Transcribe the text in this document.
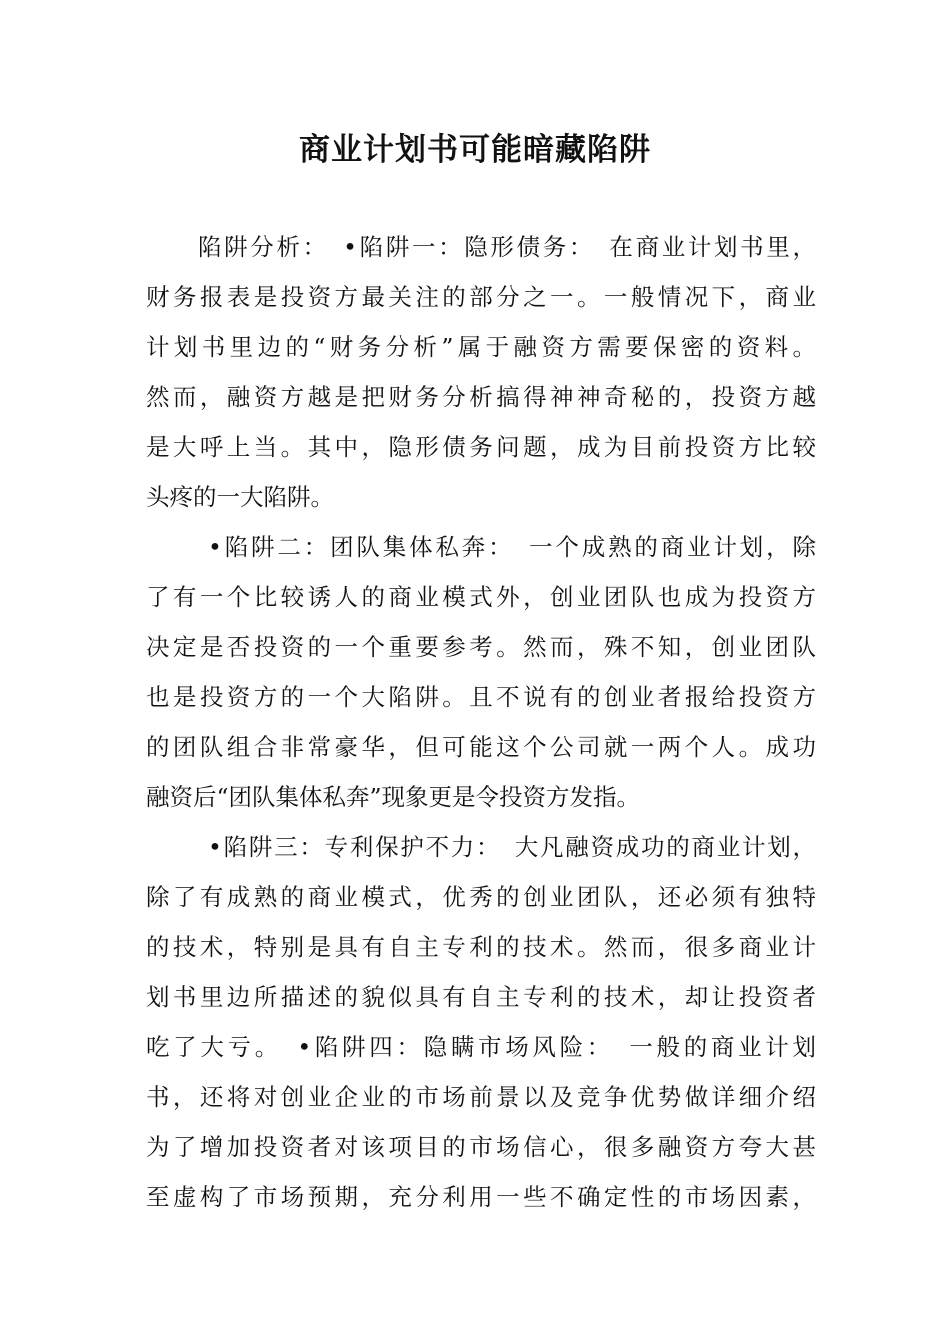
商业计划书可能暗藏陷阱
陷阱分析：　•陷阱一：隐形债务：　在商业计划书里，
财务报表是投资方最关注的部分之一。一般情况下，商业
计划书里边的“财务分析”属于融资方需要保密的资料。
然而，融资方越是把财务分析搞得神神奇秘的，投资方越
是大呼上当。其中，隐形债务问题，成为目前投资方比较
头疼的一大陷阱。
•陷阱二：团队集体私奔：　一个成熟的商业计划，除
了有一个比较诱人的商业模式外，创业团队也成为投资方
决定是否投资的一个重要参考。然而，殊不知，创业团队
也是投资方的一个大陷阱。且不说有的创业者报给投资方
的团队组合非常豪华，但可能这个公司就一两个人。成功
融资后“团队集体私奔”现象更是令投资方发指。
•陷阱三：专利保护不力：　大凡融资成功的商业计划，
除了有成熟的商业模式，优秀的创业团队，还必须有独特
的技术，特别是具有自主专利的技术。然而，很多商业计
划书里边所描述的貌似具有自主专利的技术，却让投资者
吃了大亏。　•陷阱四：隐瞒市场风险：　一般的商业计划
书，还将对创业企业的市场前景以及竞争优势做详细介绍
为了增加投资者对该项目的市场信心，很多融资方夸大甚
至虚构了市场预期，充分利用一些不确定性的市场因素，
